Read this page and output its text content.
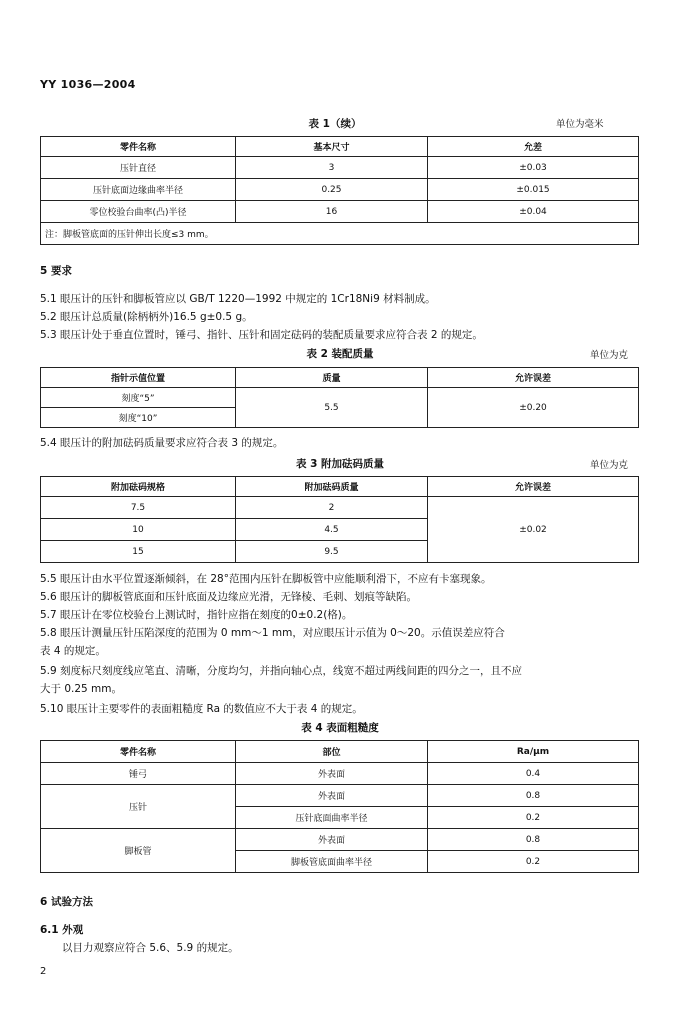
YY 1036—2004
表 1（续）	单位为毫米
零件名称	基本尺寸	允差
压针直径	3	±0.03
压针底面边缘曲率半径	0.25	±0.015
零位校验台曲率(凸)半径	16	±0.04
注：脚板管底面的压针伸出长度≤3 mm。		
5 要求
5.1 眼压计的压针和脚板管应以 GB/T 1220—1992 中规定的 1Cr18Ni9 材料制成。
5.2 眼压计总质量(除柄柄外)16.5 g±0.5 g。
5.3 眼压计处于垂直位置时，锤弓、指针、压针和固定砝码的装配质量要求应符合表 2 的规定。
表 2 装配质量	单位为克
指针示值位置	质量	允许误差
刻度“5”	5.5	±0.20
刻度“10”		
5.4 眼压计的附加砝码质量要求应符合表 3 的规定。
表 3 附加砝码质量	单位为克
附加砝码规格	附加砝码质量	允许误差
7.5	2	±0.02
10	4.5	
15	9.5	
5.5 眼压计由水平位置逐渐倾斜，在 28°范围内压针在脚板管中应能顺利滑下，不应有卡塞现象。
5.6 眼压计的脚板管底面和压针底面及边缘应光滑，无锋棱、毛刺、划痕等缺陷。
5.7 眼压计在零位校验台上测试时，指针应指在刻度的0±0.2(格)。
5.8 眼压计测量压针压陷深度的范围为 0 mm～1 mm，对应眼压计示值为 0～20。示值误差应符合
表 4 的规定。
5.9 刻度标尺刻度线应笔直、清晰，分度均匀，并指向轴心点，线宽不超过两线间距的四分之一，且不应
大于 0.25 mm。
5.10 眼压计主要零件的表面粗糙度 Ra 的数值应不大于表 4 的规定。
表 4 表面粗糙度
零件名称	部位	Ra/μm
锤弓	外表面	0.4
压针	外表面	0.8
	压针底面曲率半径	0.2
脚板管	外表面	0.8
	脚板管底面曲率半径	0.2
6 试验方法
6.1 外观
以目力观察应符合 5.6、5.9 的规定。
2
